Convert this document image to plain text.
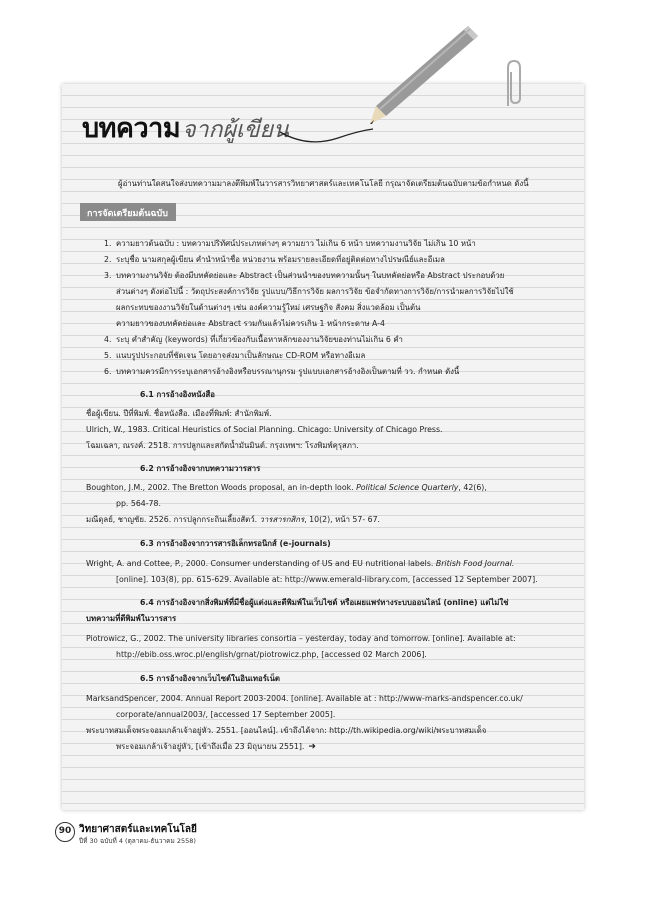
บทความจากผู้เขียน
ผู้อ่านท่านใดสนใจส่งบทความมาลงตีพิมพ์ในวารสารวิทยาศาสตร์และเทคโนโลยี กรุณาจัดเตรียมต้นฉบับตามข้อกำหนด ดังนี้
การจัดเตรียมต้นฉบับ
1. ความยาวต้นฉบับ : บทความปริทัศน์ประเภทต่างๆ ความยาว ไม่เกิน 6 หน้า บทความงานวิจัย ไม่เกิน 10 หน้า
2. ระบุชื่อ นามสกุลผู้เขียน คำนำหน้าชื่อ หน่วยงาน พร้อมรายละเอียดที่อยู่ติดต่อทางไปรษณีย์และอีเมล
3. บทความงานวิจัย ต้องมีบทคัดย่อและ Abstract เป็นส่วนนำของบทความนั้นๆ ในบทคัดย่อหรือ Abstract ประกอบด้วย
ส่วนต่างๆ ดังต่อไปนี้ : วัตถุประสงค์การวิจัย รูปแบบ/วิธีการวิจัย ผลการวิจัย ข้อจำกัดทางการวิจัย/การนำผลการวิจัยไปใช้
ผลกระทบของงานวิจัยในด้านต่างๆ เช่น องค์ความรู้ใหม่ เศรษฐกิจ สังคม สิ่งแวดล้อม เป็นต้น
ความยาวของบทคัดย่อและ Abstract รวมกันแล้วไม่ควรเกิน 1 หน้ากระดาษ A-4
4. ระบุ คำสำคัญ (keywords) ที่เกี่ยวข้องกับเนื้อหาหลักของงานวิจัยของท่านไม่เกิน 6 คำ
5. แนบรูปประกอบที่ชัดเจน โดยอาจส่งมาเป็นลักษณะ CD-ROM หรือทางอีเมล
6. บทความควรมีการระบุเอกสารอ้างอิงหรือบรรณานุกรม รูปแบบเอกสารอ้างอิงเป็นตามที่ วว. กำหนด ดังนี้
6.1 การอ้างอิงหนังสือ
ชื่อผู้เขียน. ปีที่พิมพ์. ชื่อหนังสือ. เมืองที่พิมพ์: สำนักพิมพ์.
Ulrich, W., 1983. Critical Heuristics of Social Planning. Chicago: University of Chicago Press.
โฉมเฉลา, ณรงค์. 2518. การปลูกและสกัดน้ำมันมินต์. กรุงเทพฯ: โรงพิมพ์คุรุสภา.
6.2 การอ้างอิงจากบทความวารสาร
Boughton, J.M., 2002. The Bretton Woods proposal, an in-depth look. Political Science Quarterly, 42(6),
pp. 564-78.
มณีดุลย์, ชาญชัย. 2526. การปลูกกระถินเลี้ยงสัตว์. วารสารกสิกร, 10(2), หน้า 57- 67.
6.3 การอ้างอิงจากวารสารอิเล็กทรอนิกส์ (e-journals)
Wright, A. and Cottee, P., 2000. Consumer understanding of US and EU nutritional labels. British Food Journal.
[online]. 103(8), pp. 615-629. Available at: http://www.emerald-library.com, [accessed 12 September 2007].
6.4 การอ้างอิงจากสิ่งพิมพ์ที่มีชื่อผู้แต่งและตีพิมพ์ในเว็บไซต์ หรือเผยแพร่ทางระบบออนไลน์ (online) แต่ไม่ใช่
บทความที่ตีพิมพ์ในวารสาร
Piotrowicz, G., 2002. The university libraries consortia – yesterday, today and tomorrow. [online]. Available at:
http://ebib.oss.wroc.pl/english/grnat/piotrowicz.php, [accessed 02 March 2006].
6.5 การอ้างอิงจากเว็บไซต์ในอินเทอร์เน็ต
MarksandSpencer, 2004. Annual Report 2003-2004. [online]. Available at : http://www-marks-andspencer.co.uk/
corporate/annual2003/, [accessed 17 September 2005].
พระบาทสมเด็จพระจอมเกล้าเจ้าอยู่หัว. 2551. [ออนไลน์]. เข้าถึงได้จาก: http://th.wikipedia.org/wiki/พระบาทสมเด็จ
พระจอมเกล้าเจ้าอยู่หัว, [เข้าถึงเมื่อ 23 มิถุนายน 2551]. ➜
90 วิทยาศาสตร์และเทคโนโลยี
ปีที่ 30 ฉบับที่ 4 (ตุลาคม-ธันวาคม 2558)
